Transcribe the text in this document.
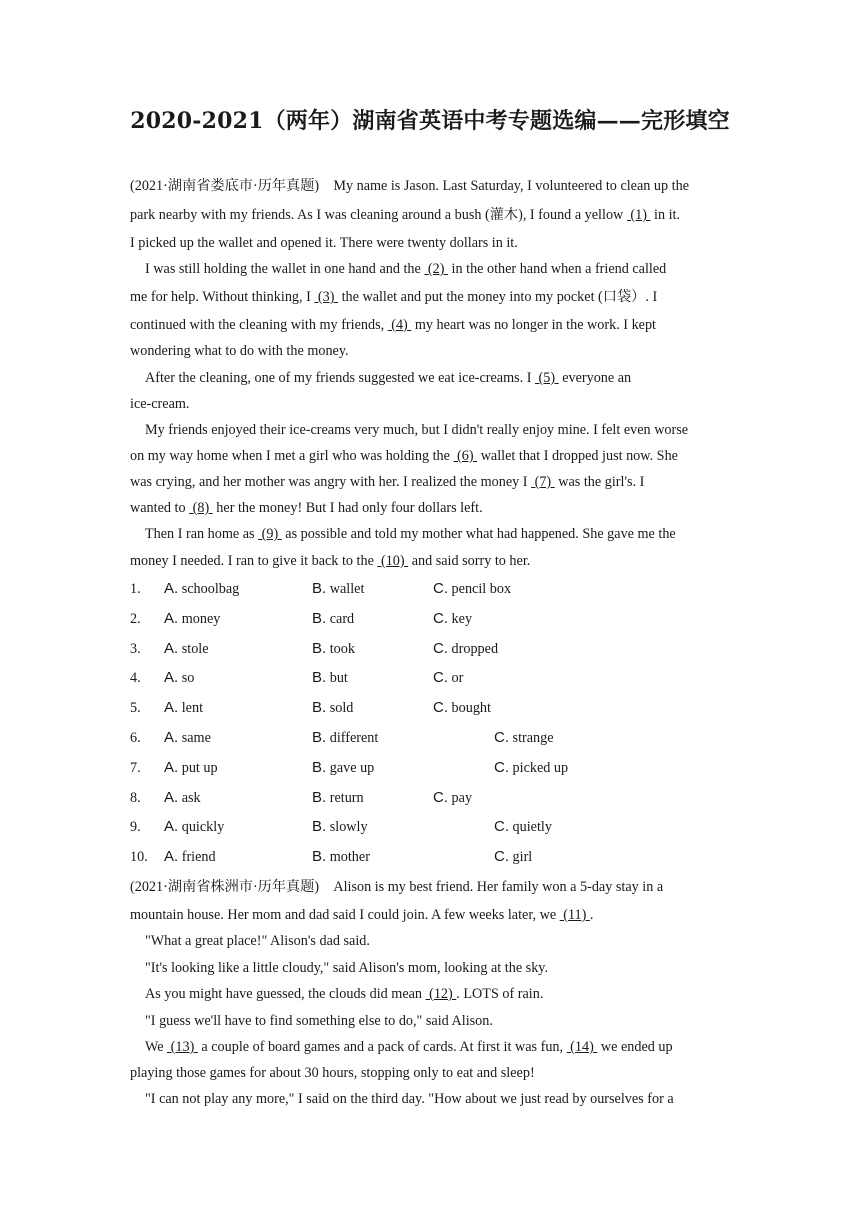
2020-2021（两年）湖南省英语中考专题选编——完形填空
(2021·湖南省娄底市·历年真题) My name is Jason. Last Saturday, I volunteered to clean up the
park nearby with my friends. As I was cleaning around a bush (灌木), I found a yellow  (1)  in it.
I picked up the wallet and opened it. There were twenty dollars in it.
I was still holding the wallet in one hand and the  (2)  in the other hand when a friend called
me for help. Without thinking, I  (3)  the wallet and put the money into my pocket (口袋）. I
continued with the cleaning with my friends,  (4)  my heart was no longer in the work. I kept
wondering what to do with the money.
After the cleaning, one of my friends suggested we eat ice-creams. I  (5)  everyone an
ice-cream.
My friends enjoyed their ice-creams very much, but I didn't really enjoy mine. I felt even worse
on my way home when I met a girl who was holding the  (6)  wallet that I dropped just now. She
was crying, and her mother was angry with her. I realized the money I  (7)  was the girl's. I
wanted to  (8)  her the money! But I had only four dollars left.
Then I ran home as  (9)  as possible and told my mother what had happened. She gave me the
money I needed. I ran to give it back to the  (10)  and said sorry to her.
1. A. schoolbag	B. wallet	C. pencil box
2. A. money	B. card	C. key
3. A. stole	B. took	C. dropped
4. A. so	B. but	C. or
5. A. lent	B. sold	C. bought
6. A. same	B. different	C. strange
7. A. put up	B. gave up	C. picked up
8. A. ask	B. return	C. pay
9. A. quickly	B. slowly	C. quietly
10. A. friend	B. mother	C. girl
(2021·湖南省株洲市·历年真题) Alison is my best friend. Her family won a 5-day stay in a
mountain house. Her mom and dad said I could join. A few weeks later, we  (11) .
"What a great place!" Alison's dad said.
"It's looking like a little cloudy," said Alison's mom, looking at the sky.
As you might have guessed, the clouds did mean  (12) . LOTS of rain.
"I guess we'll have to find something else to do," said Alison.
We  (13)  a couple of board games and a pack of cards. At first it was fun,  (14)  we ended up
playing those games for about 30 hours, stopping only to eat and sleep!
"I can not play any more," I said on the third day. "How about we just read by ourselves for a
